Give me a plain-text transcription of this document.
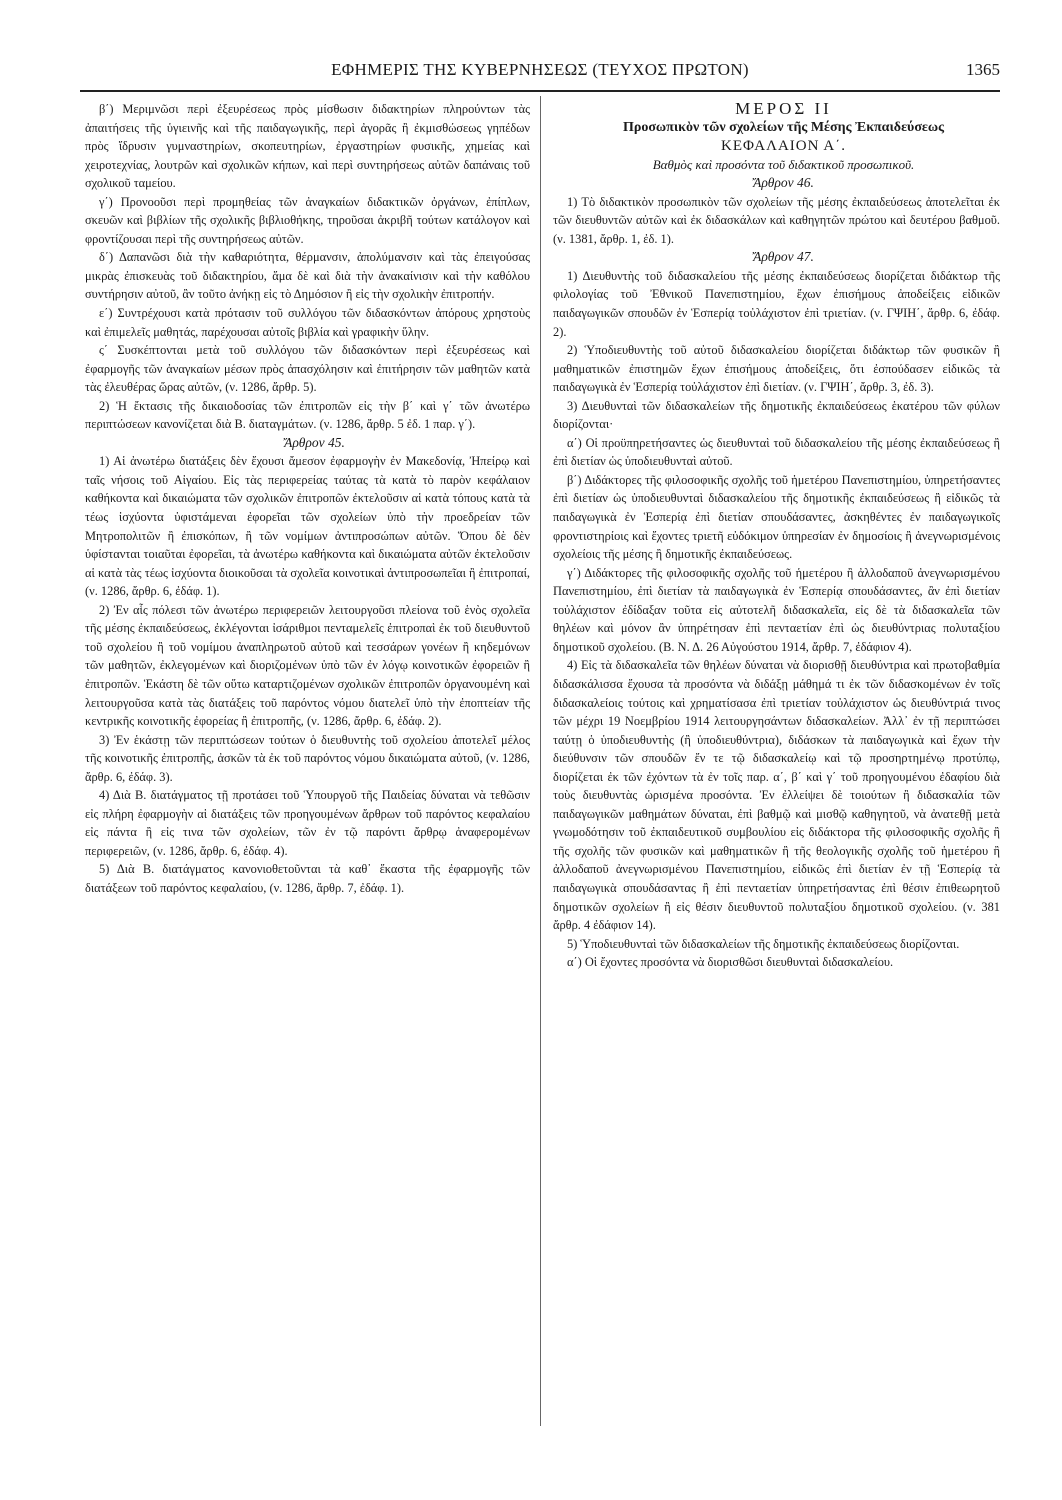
ΕΦΗΜΕΡΙΣ ΤΗΣ ΚΥΒΕΡΝΗΣΕΩΣ (ΤΕΥΧΟΣ ΠΡΩΤΟΝ)	1365

β΄) Μεριμνῶσι περὶ ἐξευρέσεως πρὸς μίσθωσιν διδακτηρίων πληρούντων τὰς ἀπαιτήσεις τῆς ὑγιεινῆς καὶ τῆς παιδαγωγικῆς, περὶ ἀγορᾶς ἢ ἐκμισθώσεως γηπέδων πρὸς ἵδρυσιν γυμναστηρίων, σκοπευτηρίων, ἐργαστηρίων φυσικῆς, χημείας καὶ χειροτεχνίας, λουτρῶν καὶ σχολικῶν κήπων, καὶ περὶ συντηρήσεως αὐτῶν δαπάναις τοῦ σχολικοῦ ταμείου.

γ΄) Προνοοῦσι περὶ προμηθείας τῶν ἀναγκαίων διδακτικῶν ὀργάνων, ἐπίπλων, σκευῶν καὶ βιβλίων τῆς σχολικῆς βιβλιοθήκης, τηροῦσαι ἀκριβῆ τούτων κατάλογον καὶ φροντίζουσαι περὶ τῆς συντηρήσεως αὐτῶν.

δ΄) Δαπανῶσι διὰ τὴν καθαριότητα, θέρμανσιν, ἀπολύμανσιν καὶ τὰς ἐπειγούσας μικρὰς ἐπισκευὰς τοῦ διδακτηρίου, ἅμα δὲ καὶ διὰ τὴν ἀνακαίνισιν καὶ τὴν καθόλου συντήρησιν αὐτοῦ, ἂν τοῦτο ἀνήκῃ εἰς τὸ Δημόσιον ἢ εἰς τὴν σχολικὴν ἐπιτροπήν.

ε΄) Συντρέχουσι κατὰ πρότασιν τοῦ συλλόγου τῶν διδασκόντων ἀπόρους χρηστοὺς καὶ ἐπιμελεῖς μαθητάς, παρέχουσαι αὐτοῖς βιβλία καὶ γραφικὴν ὕλην.

ς΄ Συσκέπτονται μετὰ τοῦ συλλόγου τῶν διδασκόντων περὶ ἐξευρέσεως καὶ ἐφαρμογῆς τῶν ἀναγκαίων μέσων πρὸς ἀπασχόλησιν καὶ ἐπιτήρησιν τῶν μαθητῶν κατὰ τὰς ἐλευθέρας ὥρας αὐτῶν, (ν. 1286, ἄρθρ. 5).

2) Ἡ ἔκτασις τῆς δικαιοδοσίας τῶν ἐπιτροπῶν εἰς τὴν β΄ καὶ γ΄ τῶν ἀνωτέρω περιπτώσεων κανονίζεται διὰ Β. διαταγμάτων. (ν. 1286, ἄρθρ. 5 ἐδ. 1 παρ. γ΄).

Ἄρθρον 45.

1) Αἱ ἀνωτέρω διατάξεις δὲν ἔχουσι ἄμεσον ἐφαρμογὴν ἐν Μακεδονίᾳ, Ἠπείρῳ καὶ ταῖς νήσοις τοῦ Αἰγαίου. Εἰς τὰς περιφερείας ταύτας τὰ κατὰ τὸ παρὸν κεφάλαιον καθήκοντα καὶ δικαιώματα τῶν σχολικῶν ἐπιτροπῶν ἐκτελοῦσιν αἱ κατὰ τόπους κατὰ τὰ τέως ἰσχύοντα ὑφιστάμεναι ἐφορεῖαι τῶν σχολείων ὑπὸ τὴν προεδρείαν τῶν Μητροπολιτῶν ἢ ἐπισκόπων, ἢ τῶν νομίμων ἀντιπροσώπων αὐτῶν. Ὅπου δὲ δὲν ὑφίστανται τοιαῦται ἐφορεῖαι, τὰ ἀνωτέρω καθήκοντα καὶ δικαιώματα αὐτῶν ἐκτελοῦσιν αἱ κατὰ τὰς τέως ἰσχύοντα διοικοῦσαι τὰ σχολεῖα κοινοτικαὶ ἀντιπροσωπεῖαι ἢ ἐπιτροπαί, (ν. 1286, ἄρθρ. 6, ἐδάφ. 1).

2) Ἐν αἷς πόλεσι τῶν ἀνωτέρω περιφερειῶν λειτουργοῦσι πλείονα τοῦ ἑνὸς σχολεῖα τῆς μέσης ἐκπαιδεύσεως, ἐκλέγονται ἰσάριθμοι πενταμελεῖς ἐπιτροπαὶ ἐκ τοῦ διευθυντοῦ τοῦ σχολείου ἢ τοῦ νομίμου ἀναπληρωτοῦ αὐτοῦ καὶ τεσσάρων γονέων ἢ κηδεμόνων τῶν μαθητῶν, ἐκλεγομένων καὶ διοριζομένων ὑπὸ τῶν ἐν λόγῳ κοινοτικῶν ἐφορειῶν ἢ ἐπιτροπῶν. Ἑκάστη δὲ τῶν οὕτω καταρτιζομένων σχολικῶν ἐπιτροπῶν ὀργανουμένη καὶ λειτουργοῦσα κατὰ τὰς διατάξεις τοῦ παρόντος νόμου διατελεῖ ὑπὸ τὴν ἐποπτείαν τῆς κεντρικῆς κοινοτικῆς ἐφορείας ἢ ἐπιτροπῆς, (ν. 1286, ἄρθρ. 6, ἐδάφ. 2).

3) Ἐν ἑκάστῃ τῶν περιπτώσεων τούτων ὁ διευθυντὴς τοῦ σχολείου ἀποτελεῖ μέλος τῆς κοινοτικῆς ἐπιτροπῆς, ἀσκῶν τὰ ἐκ τοῦ παρόντος νόμου δικαιώματα αὐτοῦ, (ν. 1286, ἄρθρ. 6, ἐδάφ. 3).

4) Διὰ Β. διατάγματος τῇ προτάσει τοῦ Ὑπουργοῦ τῆς Παιδείας δύναται νὰ τεθῶσιν εἰς πλήρη ἐφαρμογὴν αἱ διατάξεις τῶν προηγουμένων ἄρθρων τοῦ παρόντος κεφαλαίου εἰς πάντα ἢ εἰς τινα τῶν σχολείων, τῶν ἐν τῷ παρόντι ἄρθρῳ ἀναφερομένων περιφερειῶν, (ν. 1286, ἄρθρ. 6, ἐδάφ. 4).

5) Διὰ Β. διατάγματος κανονιοθετοῦνται τὰ καθ᾽ ἕκαστα τῆς ἐφαρμογῆς τῶν διατάξεων τοῦ παρόντος κεφαλαίου, (ν. 1286, ἄρθρ. 7, ἐδάφ. 1).

ΜΕΡΟΣ ΙΙ

Προσωπικὸν τῶν σχολείων τῆς Μέσης Ἐκπαιδεύσεως

ΚΕΦΑΛΑΙΟΝ Α΄.

Βαθμὸς καὶ προσόντα τοῦ διδακτικοῦ προσωπικοῦ.

Ἄρθρον 46.

1) Τὸ διδακτικὸν προσωπικὸν τῶν σχολείων τῆς μέσης ἐκπαιδεύσεως ἀποτελεῖται ἐκ τῶν διευθυντῶν αὐτῶν καὶ ἐκ διδασκάλων καὶ καθηγητῶν πρώτου καὶ δευτέρου βαθμοῦ. (ν. 1381, ἄρθρ. 1, ἐδ. 1).

Ἄρθρον 47.

1) Διευθυντὴς τοῦ διδασκαλείου τῆς μέσης ἐκπαιδεύσεως διορίζεται διδάκτωρ τῆς φιλολογίας τοῦ Ἐθνικοῦ Πανεπιστημίου, ἔχων ἐπισήμους ἀποδείξεις εἰδικῶν παιδαγωγικῶν σπουδῶν ἐν Ἑσπερίᾳ τοὐλάχιστον ἐπὶ τριετίαν. (ν. ΓΨΙΗ΄, ἄρθρ. 6, ἐδάφ. 2).

2) Ὑποδιευθυντὴς τοῦ αὐτοῦ διδασκαλείου διορίζεται διδάκτωρ τῶν φυσικῶν ἢ μαθηματικῶν ἐπιστημῶν ἔχων ἐπισήμους ἀποδείξεις, ὅτι ἐσπούδασεν εἰδικῶς τὰ παιδαγωγικὰ ἐν Ἑσπερίᾳ τοὐλάχιστον ἐπὶ διετίαν. (ν. ΓΨΙΗ΄, ἄρθρ. 3, ἐδ. 3).

3) Διευθυνταὶ τῶν διδασκαλείων τῆς δημοτικῆς ἐκπαιδεύσεως ἑκατέρου τῶν φύλων διορίζονται·

α΄) Οἱ προϋπηρετήσαντες ὡς διευθυνταὶ τοῦ διδασκαλείου τῆς μέσης ἐκπαιδεύσεως ἢ ἐπὶ διετίαν ὡς ὑποδιευθυνταὶ αὐτοῦ.

β΄) Διδάκτορες τῆς φιλοσοφικῆς σχολῆς τοῦ ἡμετέρου Πανεπιστημίου, ὑπηρετήσαντες ἐπὶ διετίαν ὡς ὑποδιευθυνταὶ διδασκαλείου τῆς δημοτικῆς ἐκπαιδεύσεως ἢ εἰδικῶς τὰ παιδαγωγικὰ ἐν Ἑσπερίᾳ ἐπὶ διετίαν σπουδάσαντες, ἀσκηθέντες ἐν παιδαγωγικοῖς φροντιστηρίοις καὶ ἔχοντες τριετῆ εὐδόκιμον ὑπηρεσίαν ἐν δημοσίοις ἢ ἀνεγνωρισμένοις σχολείοις τῆς μέσης ἢ δημοτικῆς ἐκπαιδεύσεως.

γ΄) Διδάκτορες τῆς φιλοσοφικῆς σχολῆς τοῦ ἡμετέρου ἢ ἀλλοδαποῦ ἀνεγνωρισμένου Πανεπιστημίου, ἐπὶ διετίαν τὰ παιδαγωγικὰ ἐν Ἑσπερίᾳ σπουδάσαντες, ἂν ἐπὶ διετίαν τοὐλάχιστον ἐδίδαξαν τοῦτα εἰς αὐτοτελῆ διδασκαλεῖα, εἰς δὲ τὰ διδασκαλεῖα τῶν θηλέων καὶ μόνον ἂν ὑπηρέτησαν ἐπὶ πενταετίαν ἐπὶ ὡς διευθύντριας πολυταξίου δημοτικοῦ σχολείου. (Β. Ν. Δ. 26 Αὐγούστου 1914, ἄρθρ. 7, ἐδάφιον 4).

4) Εἰς τὰ διδασκαλεῖα τῶν θηλέων δύναται νὰ διορισθῇ διευθύντρια καὶ πρωτοβαθμία διδασκάλισσα ἔχουσα τὰ προσόντα νὰ διδάξῃ μάθημά τι ἐκ τῶν διδασκομένων ἐν τοῖς διδασκαλείοις τούτοις καὶ χρηματίσασα ἐπὶ τριετίαν τοὐλάχιστον ὡς διευθύντριά τινος τῶν μέχρι 19 Νοεμβρίου 1914 λειτουργησάντων διδασκαλείων. Ἀλλ᾽ ἐν τῇ περιπτώσει ταύτῃ ὁ ὑποδιευθυντὴς (ἢ ὑποδιευθύντρια), διδάσκων τὰ παιδαγωγικὰ καὶ ἔχων τὴν διεύθυνσιν τῶν σπουδῶν ἔν τε τῷ διδασκαλείῳ καὶ τῷ προσηρτημένῳ προτύπῳ, διορίζεται ἐκ τῶν ἐχόντων τὰ ἐν τοῖς παρ. α΄, β΄ καὶ γ΄ τοῦ προηγουμένου ἐδαφίου διὰ τοὺς διευθυντὰς ὡρισμένα προσόντα. Ἐν ἐλλείψει δὲ τοιούτων ἢ διδασκαλία τῶν παιδαγωγικῶν μαθημάτων δύναται, ἐπὶ βαθμῷ καὶ μισθῷ καθηγητοῦ, νὰ ἀνατεθῇ μετὰ γνωμοδότησιν τοῦ ἐκπαιδευτικοῦ συμβουλίου εἰς διδάκτορα τῆς φιλοσοφικῆς σχολῆς ἢ τῆς σχολῆς τῶν φυσικῶν καὶ μαθηματικῶν ἢ τῆς θεολογικῆς σχολῆς τοῦ ἡμετέρου ἢ ἀλλοδαποῦ ἀνεγνωρισμένου Πανεπιστημίου, εἰδικῶς ἐπὶ διετίαν ἐν τῇ Ἑσπερίᾳ τὰ παιδαγωγικὰ σπουδάσαντας ἢ ἐπὶ πενταετίαν ὑπηρετήσαντας ἐπὶ θέσιν ἐπιθεωρητοῦ δημοτικῶν σχολείων ἢ εἰς θέσιν διευθυντοῦ πολυταξίου δημοτικοῦ σχολείου. (ν. 381 ἄρθρ. 4 ἐδάφιον 14).

5) Ὑποδιευθυνταὶ τῶν διδασκαλείων τῆς δημοτικῆς ἐκπαιδεύσεως διορίζονται.

α΄) Οἱ ἔχοντες προσόντα νὰ διορισθῶσι διευθυνταὶ διδασκαλείου.
